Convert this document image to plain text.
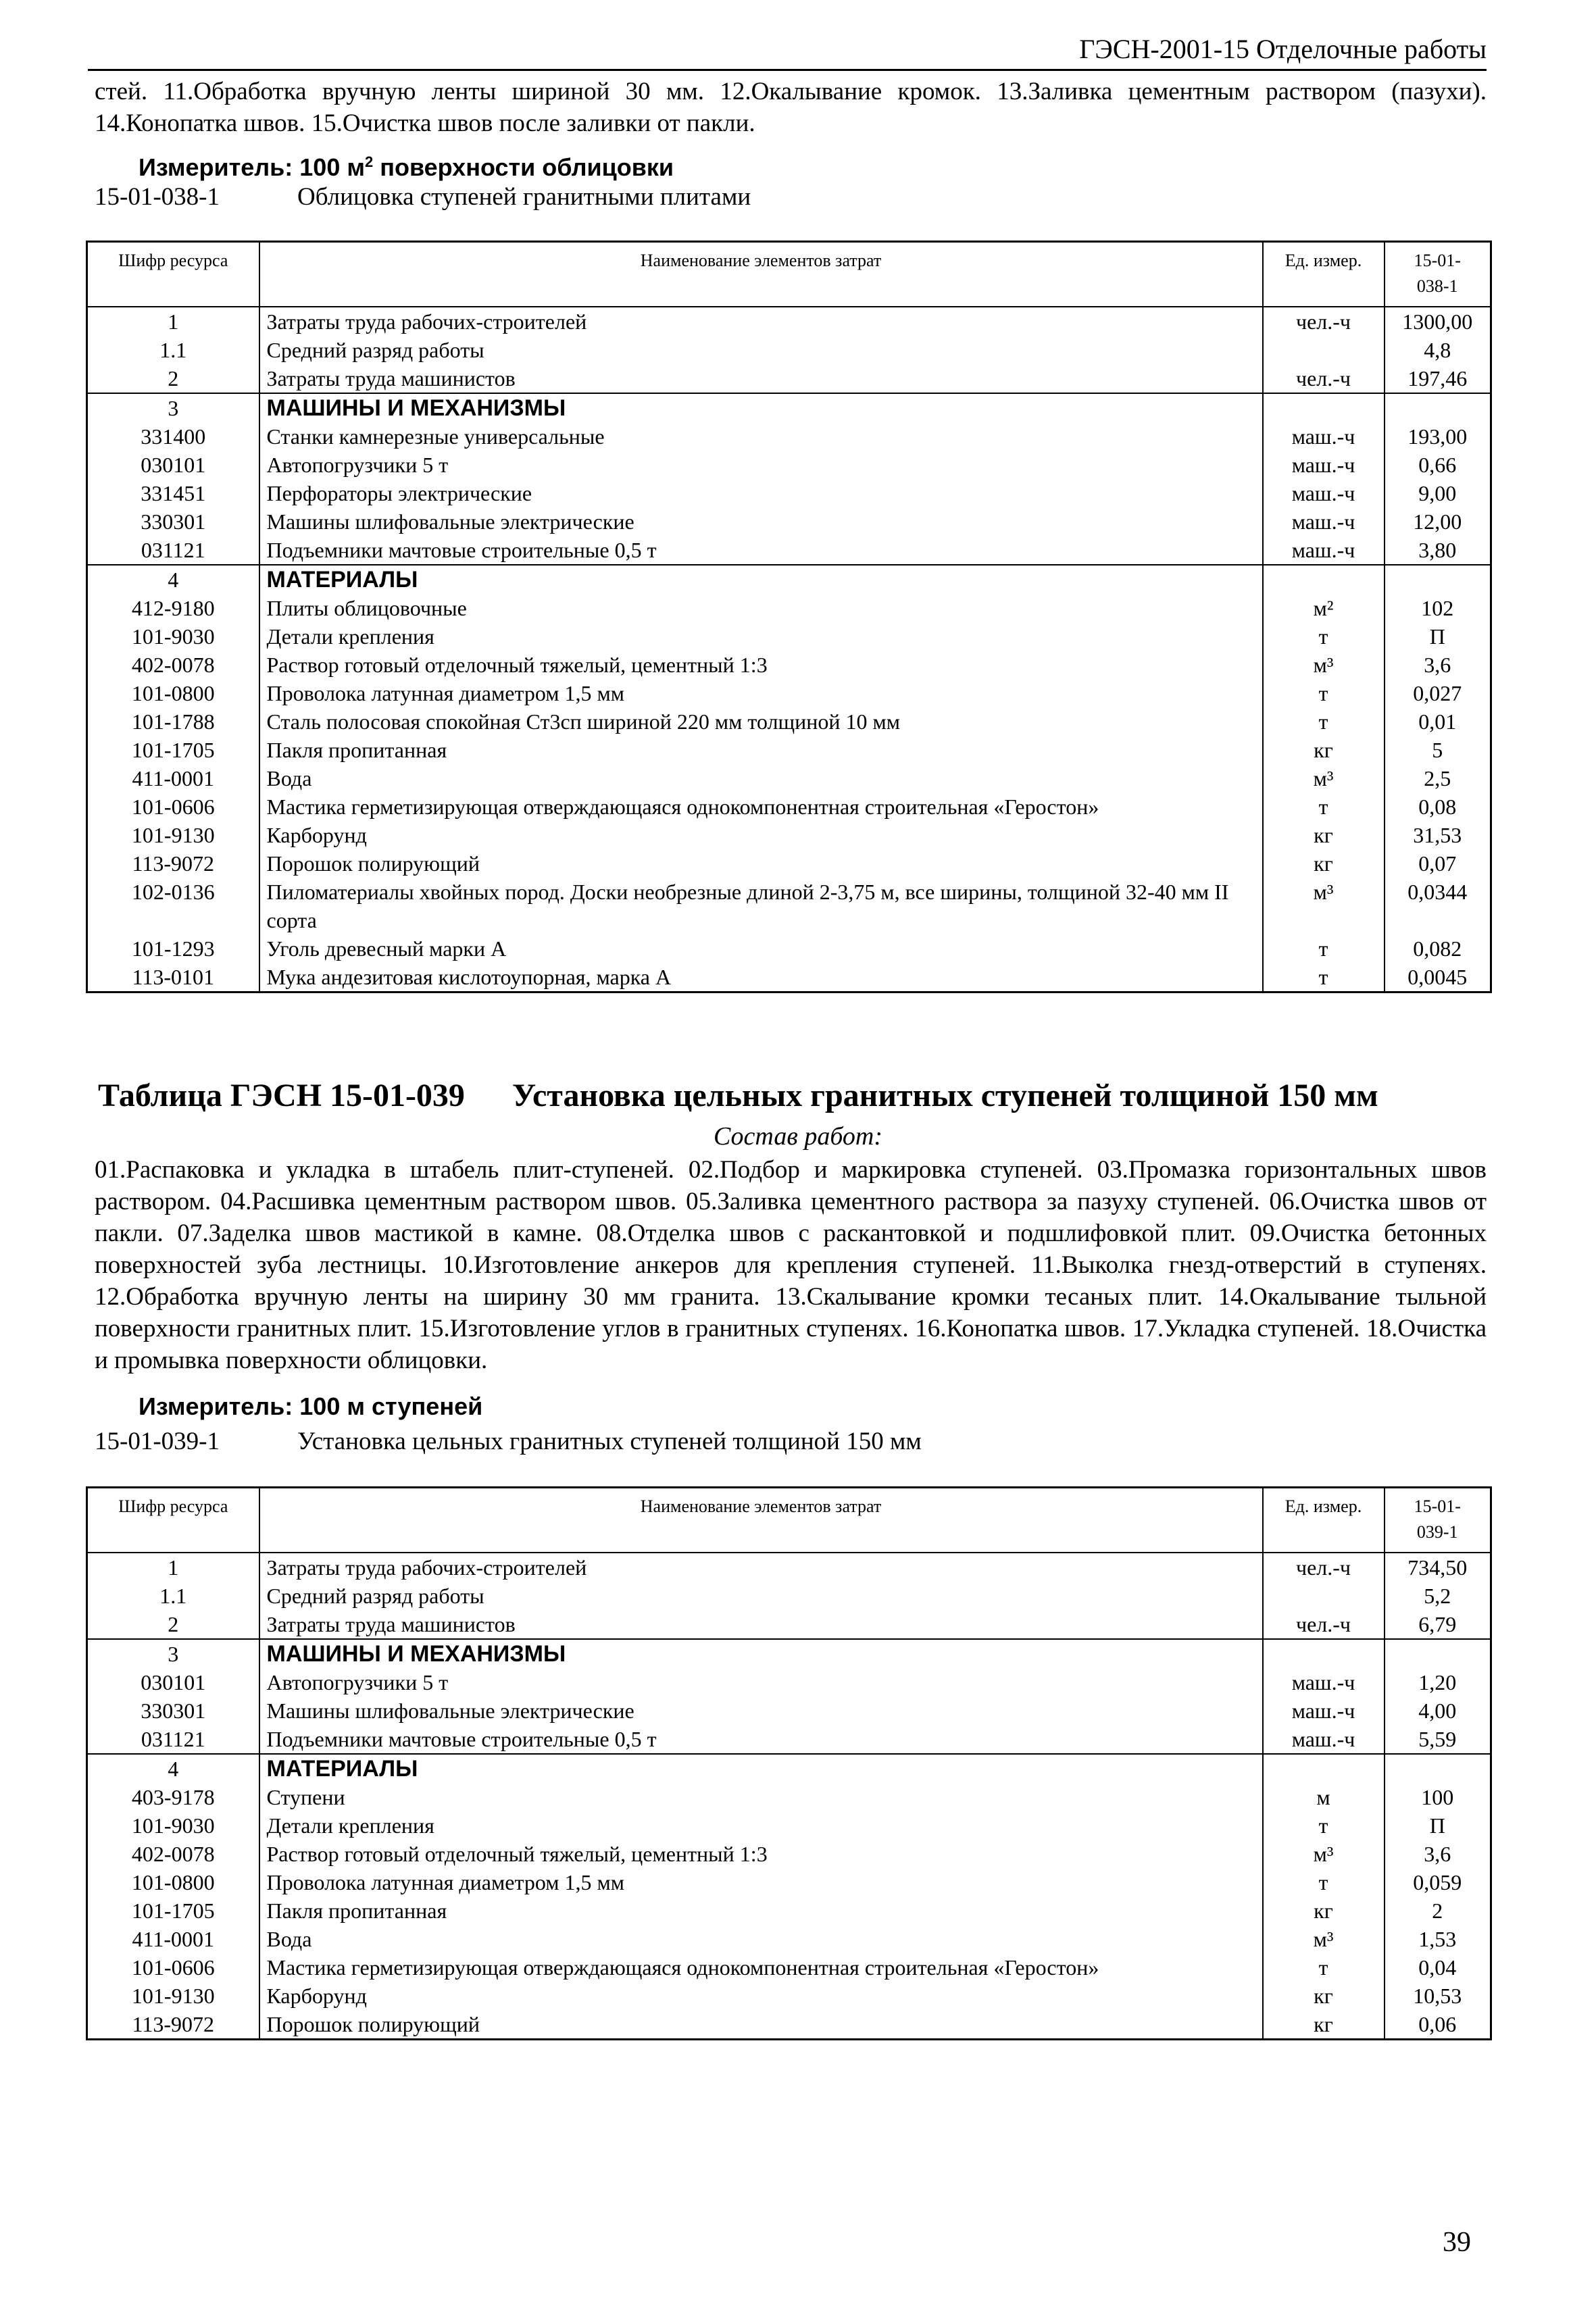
ГЭСН-2001-15 Отделочные работы

стей. 11.Обработка вручную ленты шириной 30 мм. 12.Окалывание кромок. 13.Заливка цементным раствором (пазухи). 14.Конопатка швов. 15.Очистка швов после заливки от пакли.

Измеритель: 100 $м^2$ поверхности облицовки
15-01-038-1	Облицовка ступеней гранитными плитами
Шифр ресурса	Наименование элементов затрат	Ед. измер.	15-01-
038-1
1	Затраты труда рабочих-строителей	чел.-ч	1300,00
1.1	Средний разряд работы		4,8
2	Затраты труда машинистов	чел.-ч	197,46
3	МАШИНЫ И МЕХАНИЗМЫ		
331400	Станки камнерезные универсальные	маш.-ч	193,00
030101	Автопогрузчики 5 т	маш.-ч	0,66
331451	Перфораторы электрические	маш.-ч	9,00
330301	Машины шлифовальные электрические	маш.-ч	12,00
031121	Подъемники мачтовые строительные 0,5 т	маш.-ч	3,80
4	МАТЕРИАЛЫ		
412-9180	Плиты облицовочные	м²	102
101-9030	Детали крепления	т	П
402-0078	Раствор готовый отделочный тяжелый, цементный 1:3	м³	3,6
101-0800	Проволока латунная диаметром 1,5 мм	т	0,027
101-1788	Сталь полосовая спокойная Ст3сп шириной 220 мм толщиной 10 мм	т	0,01
101-1705	Пакля пропитанная	кг	5
411-0001	Вода	м³	2,5
101-0606	Мастика герметизирующая отверждающаяся однокомпонентная строительная «Геростон»	т	0,08
101-9130	Карборунд	кг	31,53
113-9072	Порошок полирующий	кг	0,07
102-0136	Пиломатериалы хвойных пород. Доски необрезные длиной 2-3,75 м, все ширины, толщиной 32-40 мм II сорта	м³	0,0344
101-1293	Уголь древесный марки А	т	0,082
113-0101	Мука андезитовая кислотоупорная, марка А	т	0,0045
Таблица ГЭСН 15-01-039 Установка цельных гранитных ступеней толщиной 150 мм
Состав работ:

01.Распаковка и укладка в штабель плит-ступеней. 02.Подбор и маркировка ступеней. 03.Промазка горизонтальных швов раствором. 04.Расшивка цементным раствором швов. 05.Заливка цементного раствора за пазуху ступеней. 06.Очистка швов от пакли. 07.Заделка швов мастикой в камне. 08.Отделка швов с раскантовкой и подшлифовкой плит. 09.Очистка бетонных поверхностей зуба лестницы. 10.Изготовление анкеров для крепления ступеней. 11.Выколка гнезд-отверстий в ступенях. 12.Обработка вручную ленты на ширину 30 мм гранита. 13.Скалывание кромки тесаных плит. 14.Окалывание тыльной поверхности гранитных плит. 15.Изготовление углов в гранитных ступенях. 16.Конопатка швов. 17.Укладка ступеней. 18.Очистка и промывка поверхности облицовки.

Измеритель: 100 м ступеней
15-01-039-1	Установка цельных гранитных ступеней толщиной 150 мм
Шифр ресурса	Наименование элементов затрат	Ед. измер.	15-01-
039-1
1	Затраты труда рабочих-строителей	чел.-ч	734,50
1.1	Средний разряд работы		5,2
2	Затраты труда машинистов	чел.-ч	6,79
3	МАШИНЫ И МЕХАНИЗМЫ		
030101	Автопогрузчики 5 т	маш.-ч	1,20
330301	Машины шлифовальные электрические	маш.-ч	4,00
031121	Подъемники мачтовые строительные 0,5 т	маш.-ч	5,59
4	МАТЕРИАЛЫ		
403-9178	Ступени	м	100
101-9030	Детали крепления	т	П
402-0078	Раствор готовый отделочный тяжелый, цементный 1:3	м³	3,6
101-0800	Проволока латунная диаметром 1,5 мм	т	0,059
101-1705	Пакля пропитанная	кг	2
411-0001	Вода	м³	1,53
101-0606	Мастика герметизирующая отверждающаяся однокомпонентная строительная «Геростон»	т	0,04
101-9130	Карборунд	кг	10,53
113-9072	Порошок полирующий	кг	0,06
39
